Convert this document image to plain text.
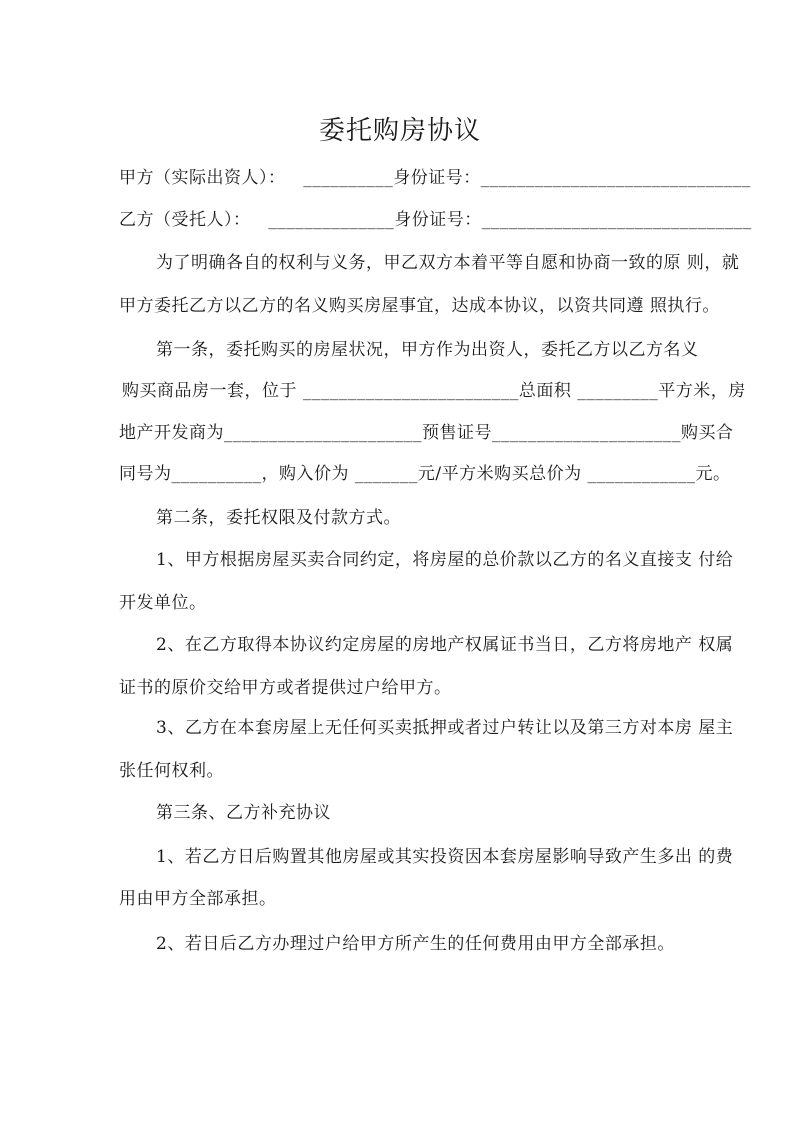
委托购房协议
甲方（实际出资人）：   __________身份证号：______________________________
乙方（受托人）：   ______________身份证号：______________________________
为了明确各自的权利与义务，甲乙双方本着平等自愿和协商一致的原 则，就
甲方委托乙方以乙方的名义购买房屋事宜，达成本协议，以资共同遵 照执行。
第一条，委托购买的房屋状况，甲方作为出资人，委托乙方以乙方名义
购买商品房一套，位于 ________________________总面积 _________平方米，房
地产开发商为______________________预售证号_____________________购买合
同号为__________，购入价为 _______元/平方米购买总价为 ____________元。
第二条，委托权限及付款方式。
1、甲方根据房屋买卖合同约定，将房屋的总价款以乙方的名义直接支 付给
开发单位。
2、在乙方取得本协议约定房屋的房地产权属证书当日，乙方将房地产 权属
证书的原价交给甲方或者提供过户给甲方。
3、乙方在本套房屋上无任何买卖抵押或者过户转让以及第三方对本房 屋主
张任何权利。
第三条、乙方补充协议
1、若乙方日后购置其他房屋或其实投资因本套房屋影响导致产生多出 的费
用由甲方全部承担。
2、若日后乙方办理过户给甲方所产生的任何费用由甲方全部承担。
